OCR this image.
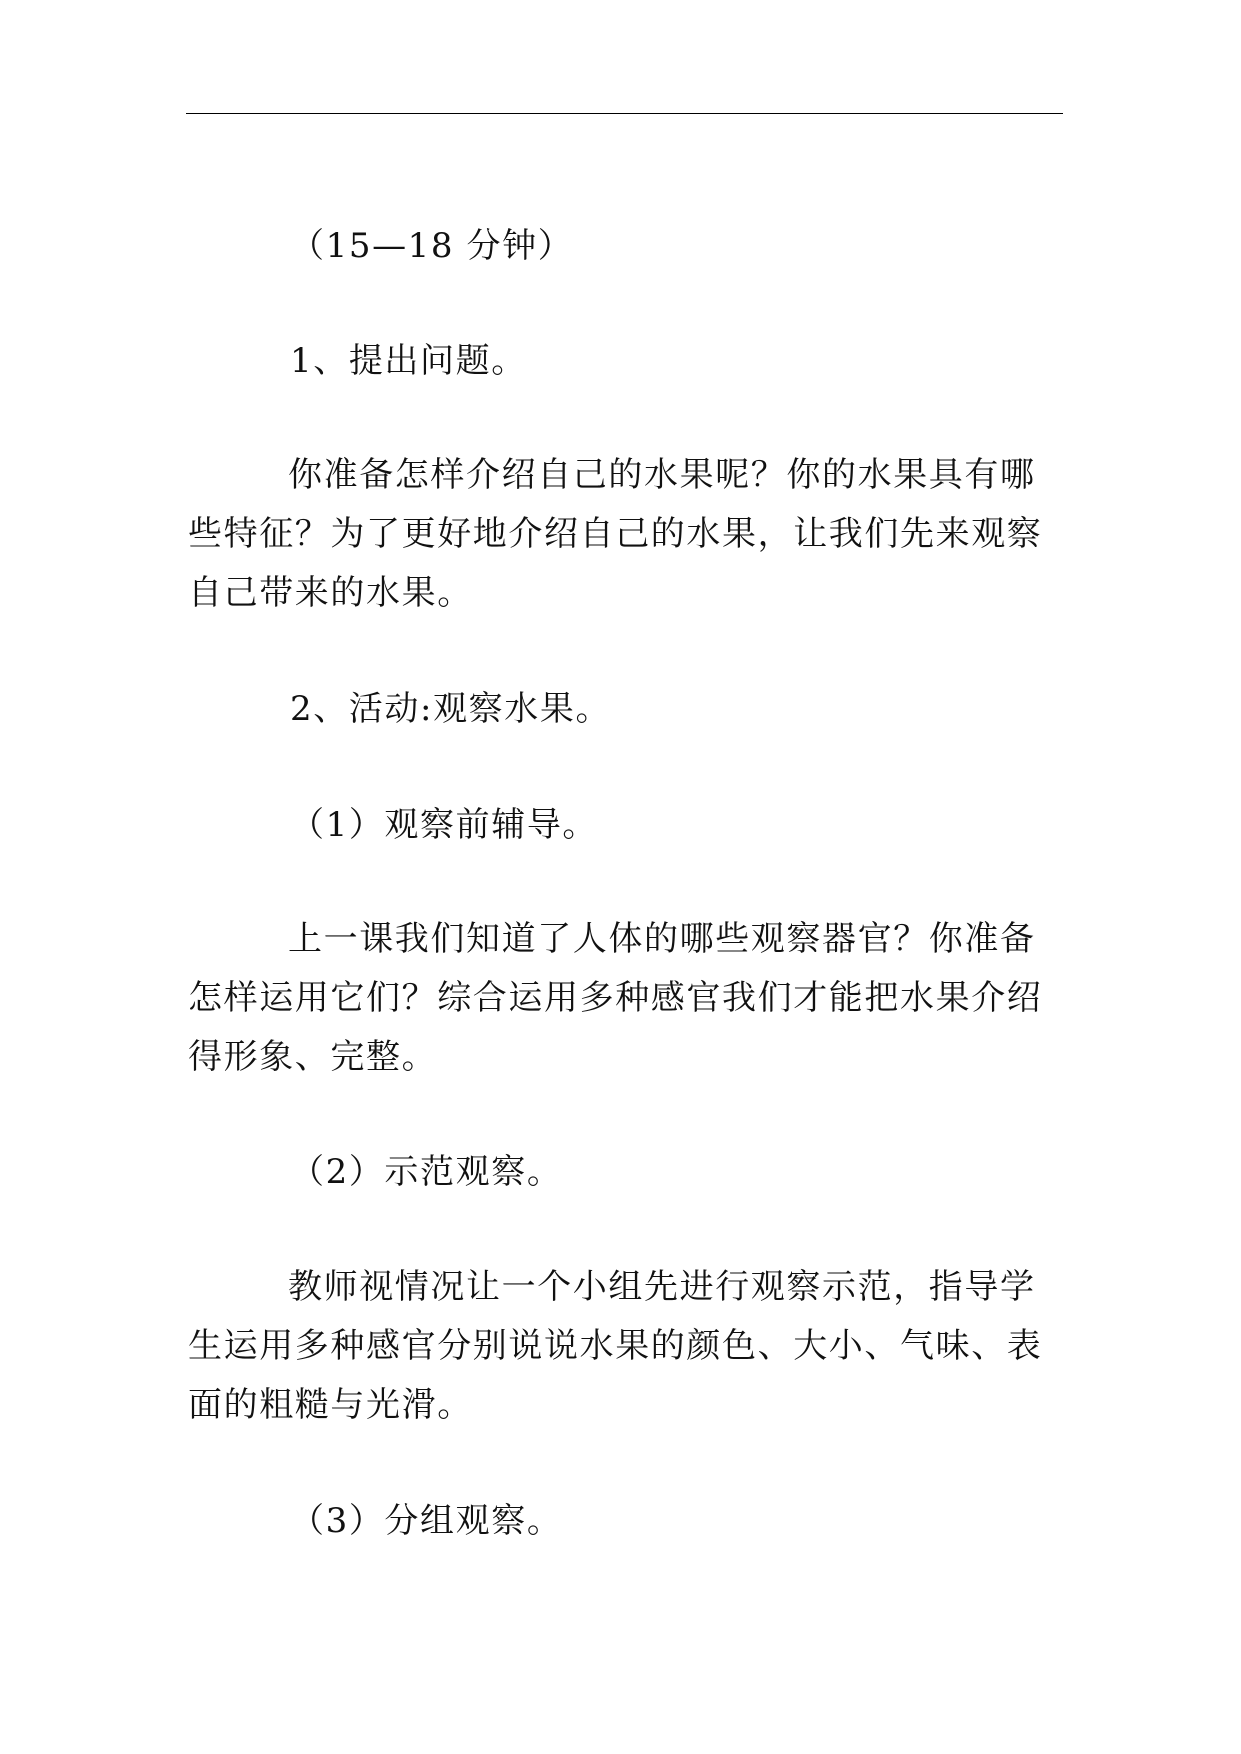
（15—18 分钟）

1、提出问题。

你准备怎样介绍自己的水果呢？你的水果具有哪些特征？为了更好地介绍自己的水果，让我们先来观察自己带来的水果。

2、活动:观察水果。

（1）观察前辅导。

上一课我们知道了人体的哪些观察器官？你准备怎样运用它们？综合运用多种感官我们才能把水果介绍得形象、完整。

（2）示范观察。

教师视情况让一个小组先进行观察示范，指导学生运用多种感官分别说说水果的颜色、大小、气味、表面的粗糙与光滑。

（3）分组观察。
